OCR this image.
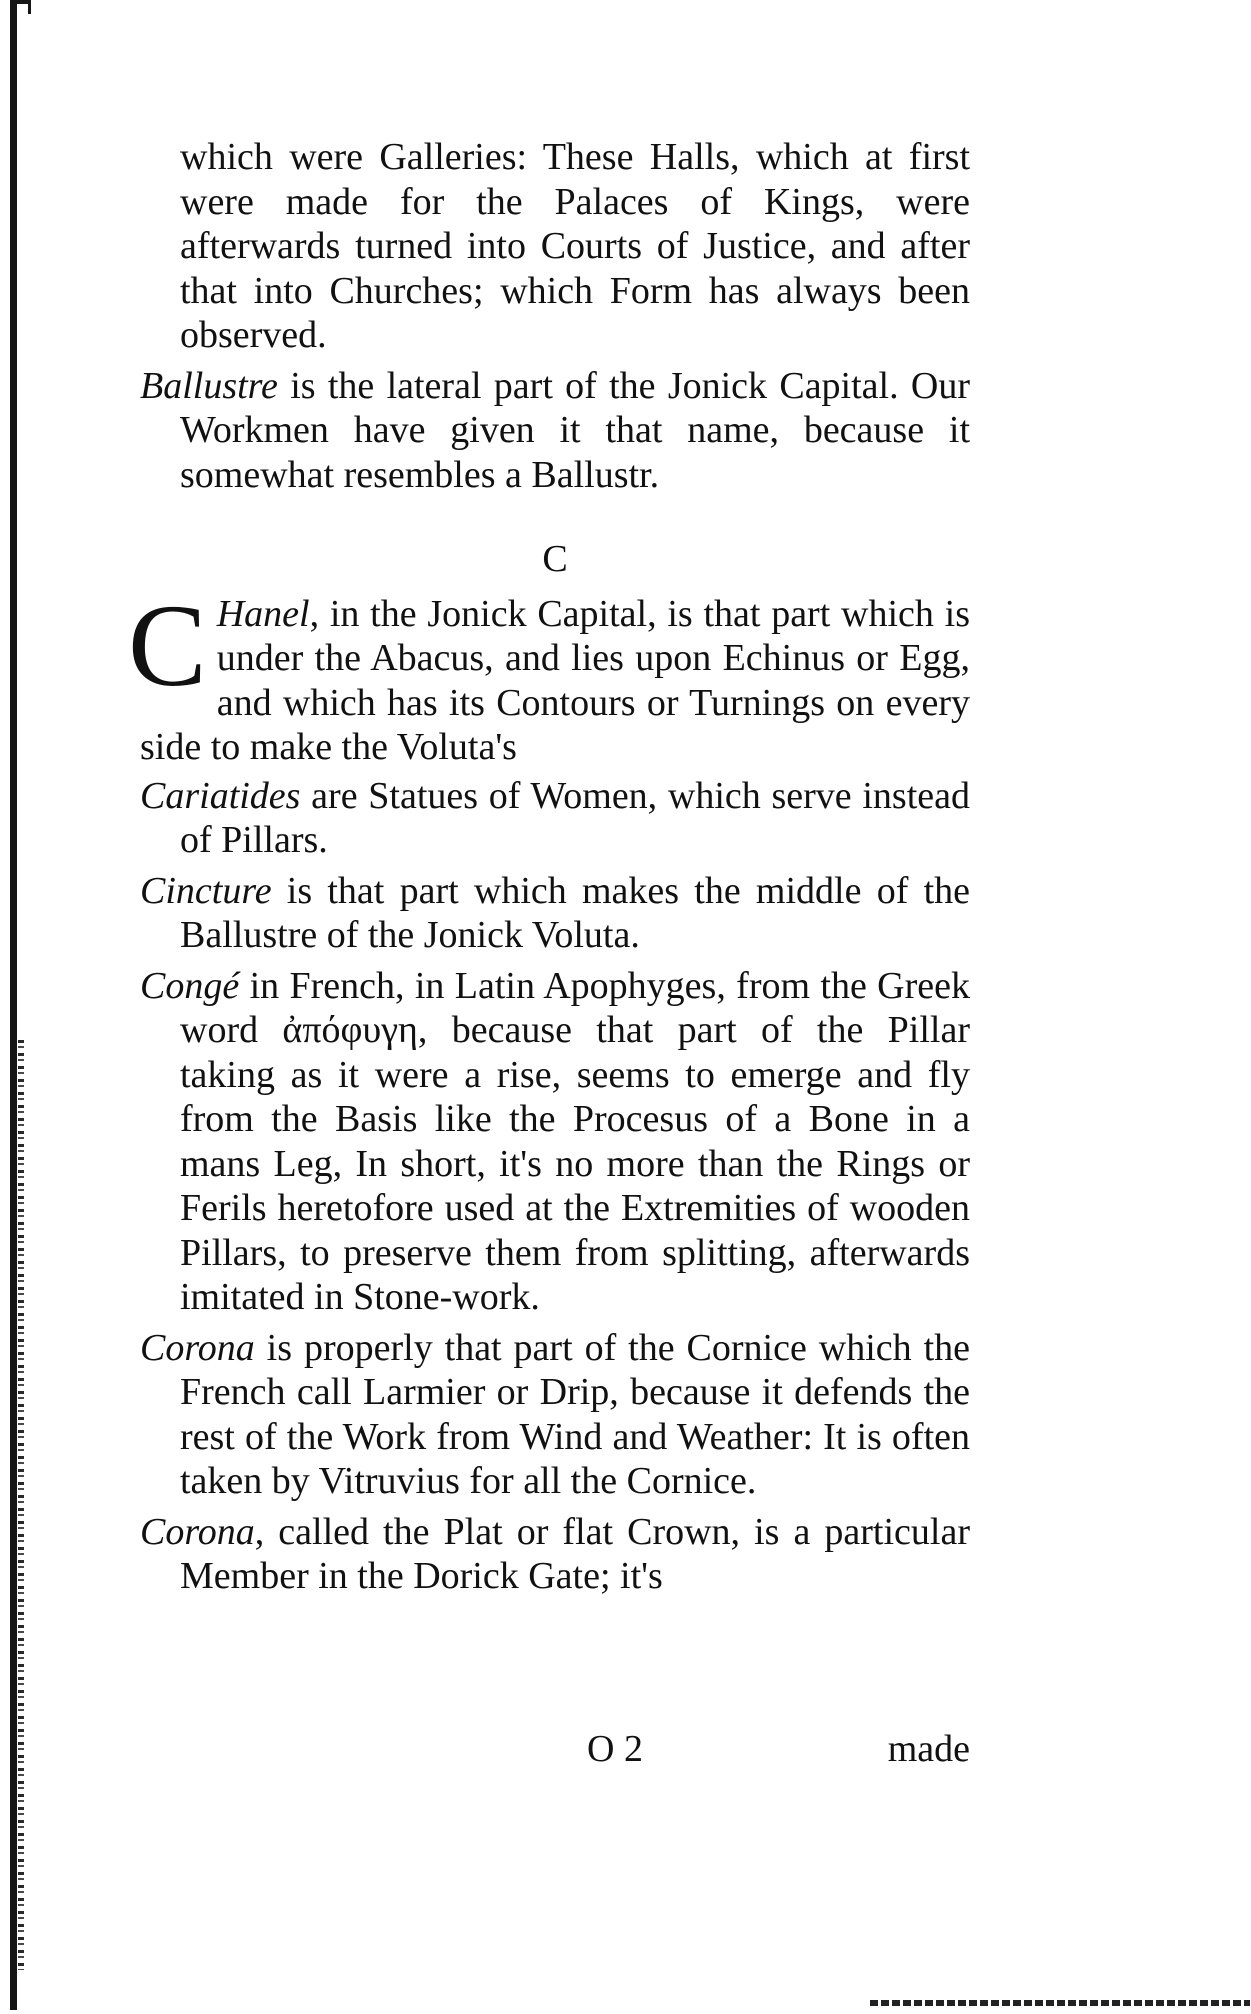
which were Galleries: These Halls, which at first were made for the Palaces of Kings, were afterwards turned into Courts of Justice, and after that into Churches; which Form has always been observed.

Ballustre is the lateral part of the Jonick Capital. Our Workmen have given it that name, because it somewhat resembles a Ballustr.

C

C Hanel, in the Jonick Capital, is that part which is under the Abacus, and lies upon Echinus or Egg, and which has its Contours or Turnings on every side to make the Voluta's

Cariatides are Statues of Women, which serve instead of Pillars.

Cincture is that part which makes the middle of the Ballustre of the Jonick Voluta.

Congé in French, in Latin Apophyges, from the Greek word ἀπόφυγη, because that part of the Pillar taking as it were a rise, seems to emerge and fly from the Basis like the Procesus of a Bone in a mans Leg, In short, it's no more than the Rings or Ferils heretofore used at the Extremities of wooden Pillars, to preserve them from splitting, afterwards imitated in Stone-work.

Corona is properly that part of the Cornice which the French call Larmier or Drip, because it defends the rest of the Work from Wind and Weather: It is often taken by Vitruvius for all the Cornice.

Corona, called the Plat or flat Crown, is a particular Member in the Dorick Gate; it's

O 2	made
